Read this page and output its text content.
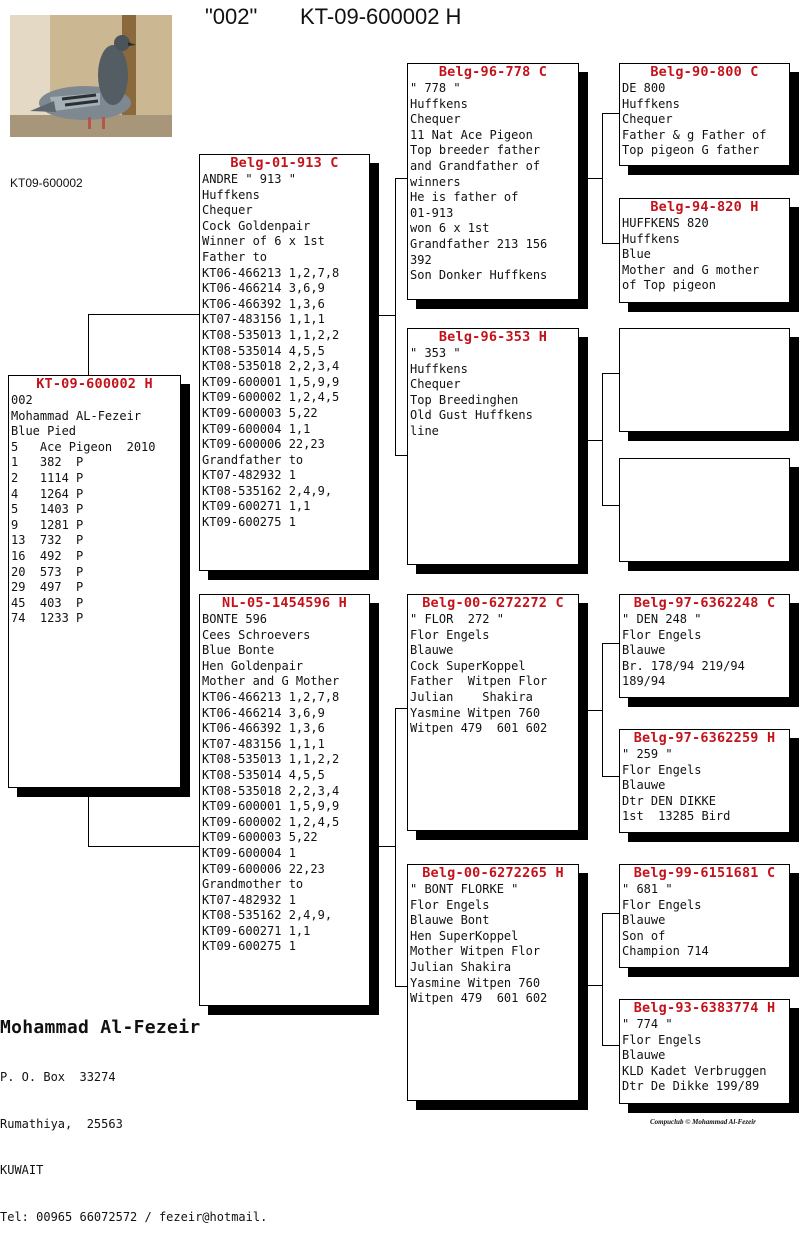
"002" KT-09-600002 H
KT09-600002
KT-09-600002 H
002
Mohammad AL-Fezeir
Blue Pied
5   Ace Pigeon  2010
1   382  P
2   1114 P
4   1264 P
5   1403 P
9   1281 P
13  732  P
16  492  P
20  573  P
29  497  P
45  403  P
74  1233 P
Belg-01-913 C
ANDRE " 913 "
Huffkens
Chequer
Cock Goldenpair
Winner of 6 x 1st
Father to
KT06-466213 1,2,7,8
KT06-466214 3,6,9
KT06-466392 1,3,6
KT07-483156 1,1,1
KT08-535013 1,1,2,2
KT08-535014 4,5,5
KT08-535018 2,2,3,4
KT09-600001 1,5,9,9
KT09-600002 1,2,4,5
KT09-600003 5,22
KT09-600004 1,1
KT09-600006 22,23
Grandfather to
KT07-482932 1
KT08-535162 2,4,9,
KT09-600271 1,1
KT09-600275 1
NL-05-1454596 H
BONTE 596
Cees Schroevers
Blue Bonte
Hen Goldenpair
Mother and G Mother
KT06-466213 1,2,7,8
KT06-466214 3,6,9
KT06-466392 1,3,6
KT07-483156 1,1,1
KT08-535013 1,1,2,2
KT08-535014 4,5,5
KT08-535018 2,2,3,4
KT09-600001 1,5,9,9
KT09-600002 1,2,4,5
KT09-600003 5,22
KT09-600004 1
KT09-600006 22,23
Grandmother to
KT07-482932 1
KT08-535162 2,4,9,
KT09-600271 1,1
KT09-600275 1
Belg-96-778 C
" 778 "
Huffkens
Chequer
11 Nat Ace Pigeon
Top breeder father
and Grandfather of
winners
He is father of
01-913
won 6 x 1st
Grandfather 213 156
392
Son Donker Huffkens
Belg-96-353 H
" 353 "
Huffkens
Chequer
Top Breedinghen
Old Gust Huffkens
line
Belg-00-6272272 C
" FLOR  272 "
Flor Engels
Blauwe
Cock SuperKoppel
Father  Witpen Flor
Julian    Shakira
Yasmine Witpen 760
Witpen 479  601 602
Belg-00-6272265 H
" BONT FLORKE "
Flor Engels
Blauwe Bont
Hen SuperKoppel
Mother Witpen Flor
Julian Shakira
Yasmine Witpen 760
Witpen 479  601 602
Belg-90-800 C
DE 800
Huffkens
Chequer
Father & g Father of
Top pigeon G father
Belg-94-820 H
HUFFKENS 820
Huffkens
Blue
Mother and G mother
of Top pigeon
Belg-97-6362248 C
" DEN 248 "
Flor Engels
Blauwe
Br. 178/94 219/94
189/94
Belg-97-6362259 H
" 259 "
Flor Engels
Blauwe
Dtr DEN DIKKE
1st  13285 Bird
Belg-99-6151681 C
" 681 "
Flor Engels
Blauwe
Son of
Champion 714
Belg-93-6383774 H
" 774 "
Flor Engels
Blauwe
KLD Kadet Verbruggen
Dtr De Dikke 199/89
Mohammad Al-Fezeir

P. O. Box  33274

Rumathiya,  25563

KUWAIT

Tel: 00965 66072572 / fezeir@hotmail.

Compuclub © Mohammad Al-Fezeir
